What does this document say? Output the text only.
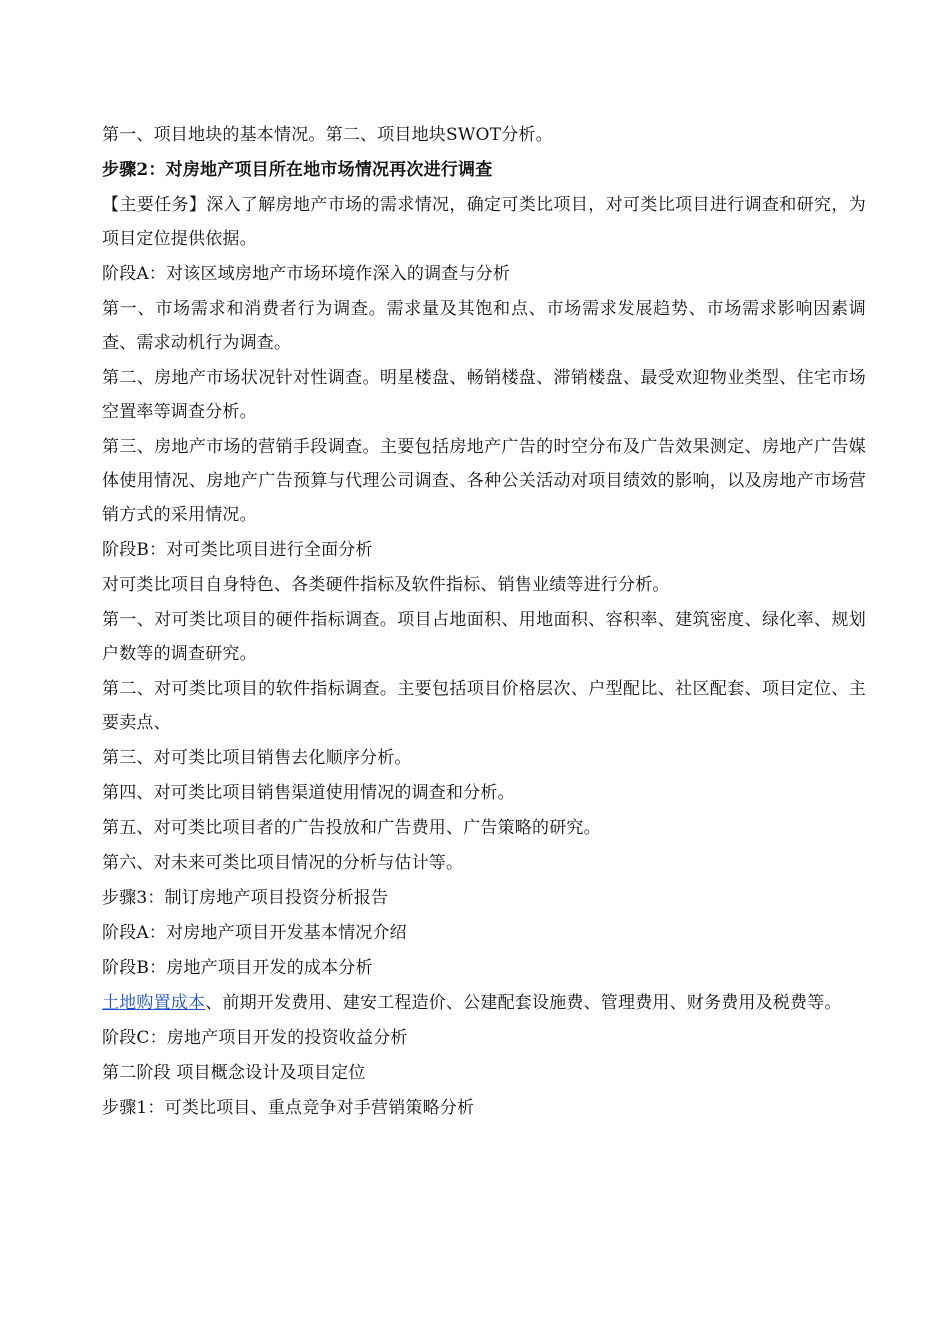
第一、项目地块的基本情况。第二、项目地块SWOT分析。

步骤2：对房地产项目所在地市场情况再次进行调查

【主要任务】深入了解房地产市场的需求情况，确定可类比项目，对可类比项目进行调查和研究，为项目定位提供依据。

阶段A：对该区域房地产市场环境作深入的调查与分析

第一、市场需求和消费者行为调查。需求量及其饱和点、市场需求发展趋势、市场需求影响因素调查、需求动机行为调查。

第二、房地产市场状况针对性调查。明星楼盘、畅销楼盘、滞销楼盘、最受欢迎物业类型、住宅市场空置率等调查分析。

第三、房地产市场的营销手段调查。主要包括房地产广告的时空分布及广告效果测定、房地产广告媒体使用情况、房地产广告预算与代理公司调查、各种公关活动对项目绩效的影响，以及房地产市场营销方式的采用情况。

阶段B：对可类比项目进行全面分析

对可类比项目自身特色、各类硬件指标及软件指标、销售业绩等进行分析。

第一、对可类比项目的硬件指标调查。项目占地面积、用地面积、容积率、建筑密度、绿化率、规划户数等的调查研究。

第二、对可类比项目的软件指标调查。主要包括项目价格层次、户型配比、社区配套、项目定位、主要卖点、

第三、对可类比项目销售去化顺序分析。

第四、对可类比项目销售渠道使用情况的调查和分析。

第五、对可类比项目者的广告投放和广告费用、广告策略的研究。

第六、对未来可类比项目情况的分析与估计等。

步骤3：制订房地产项目投资分析报告

阶段A：对房地产项目开发基本情况介绍

阶段B：房地产项目开发的成本分析

土地购置成本、前期开发费用、建安工程造价、公建配套设施费、管理费用、财务费用及税费等。

阶段C：房地产项目开发的投资收益分析

第二阶段 项目概念设计及项目定位

步骤1：可类比项目、重点竞争对手营销策略分析
